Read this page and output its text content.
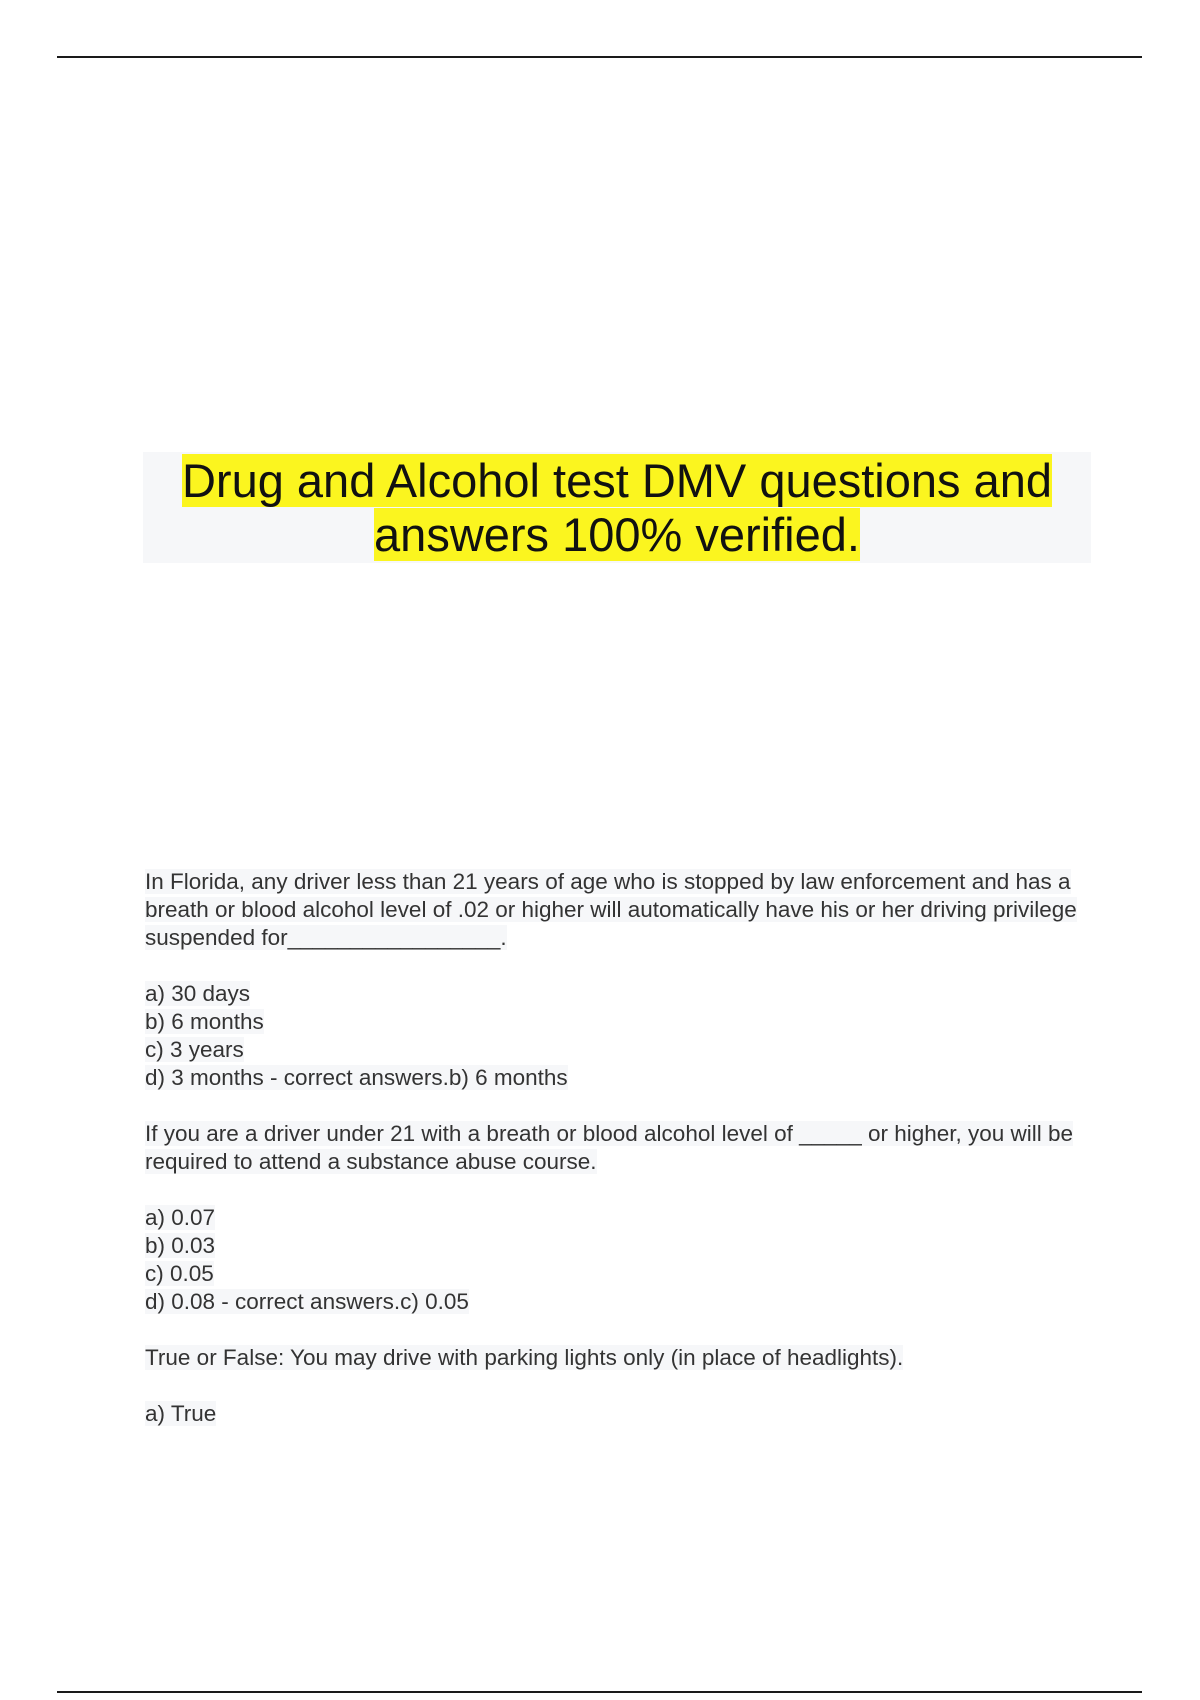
Drug and Alcohol test DMV questions and
answers 100% verified.

In Florida, any driver less than 21 years of age who is stopped by law enforcement and has a breath or blood alcohol level of .02 or higher will automatically have his or her driving privilege suspended for_________________.

a) 30 days
b) 6 months
c) 3 years
d) 3 months - correct answers.b) 6 months

If you are a driver under 21 with a breath or blood alcohol level of _____ or higher, you will be required to attend a substance abuse course.

a) 0.07
b) 0.03
c) 0.05
d) 0.08 - correct answers.c) 0.05

True or False: You may drive with parking lights only (in place of headlights).

a) True
